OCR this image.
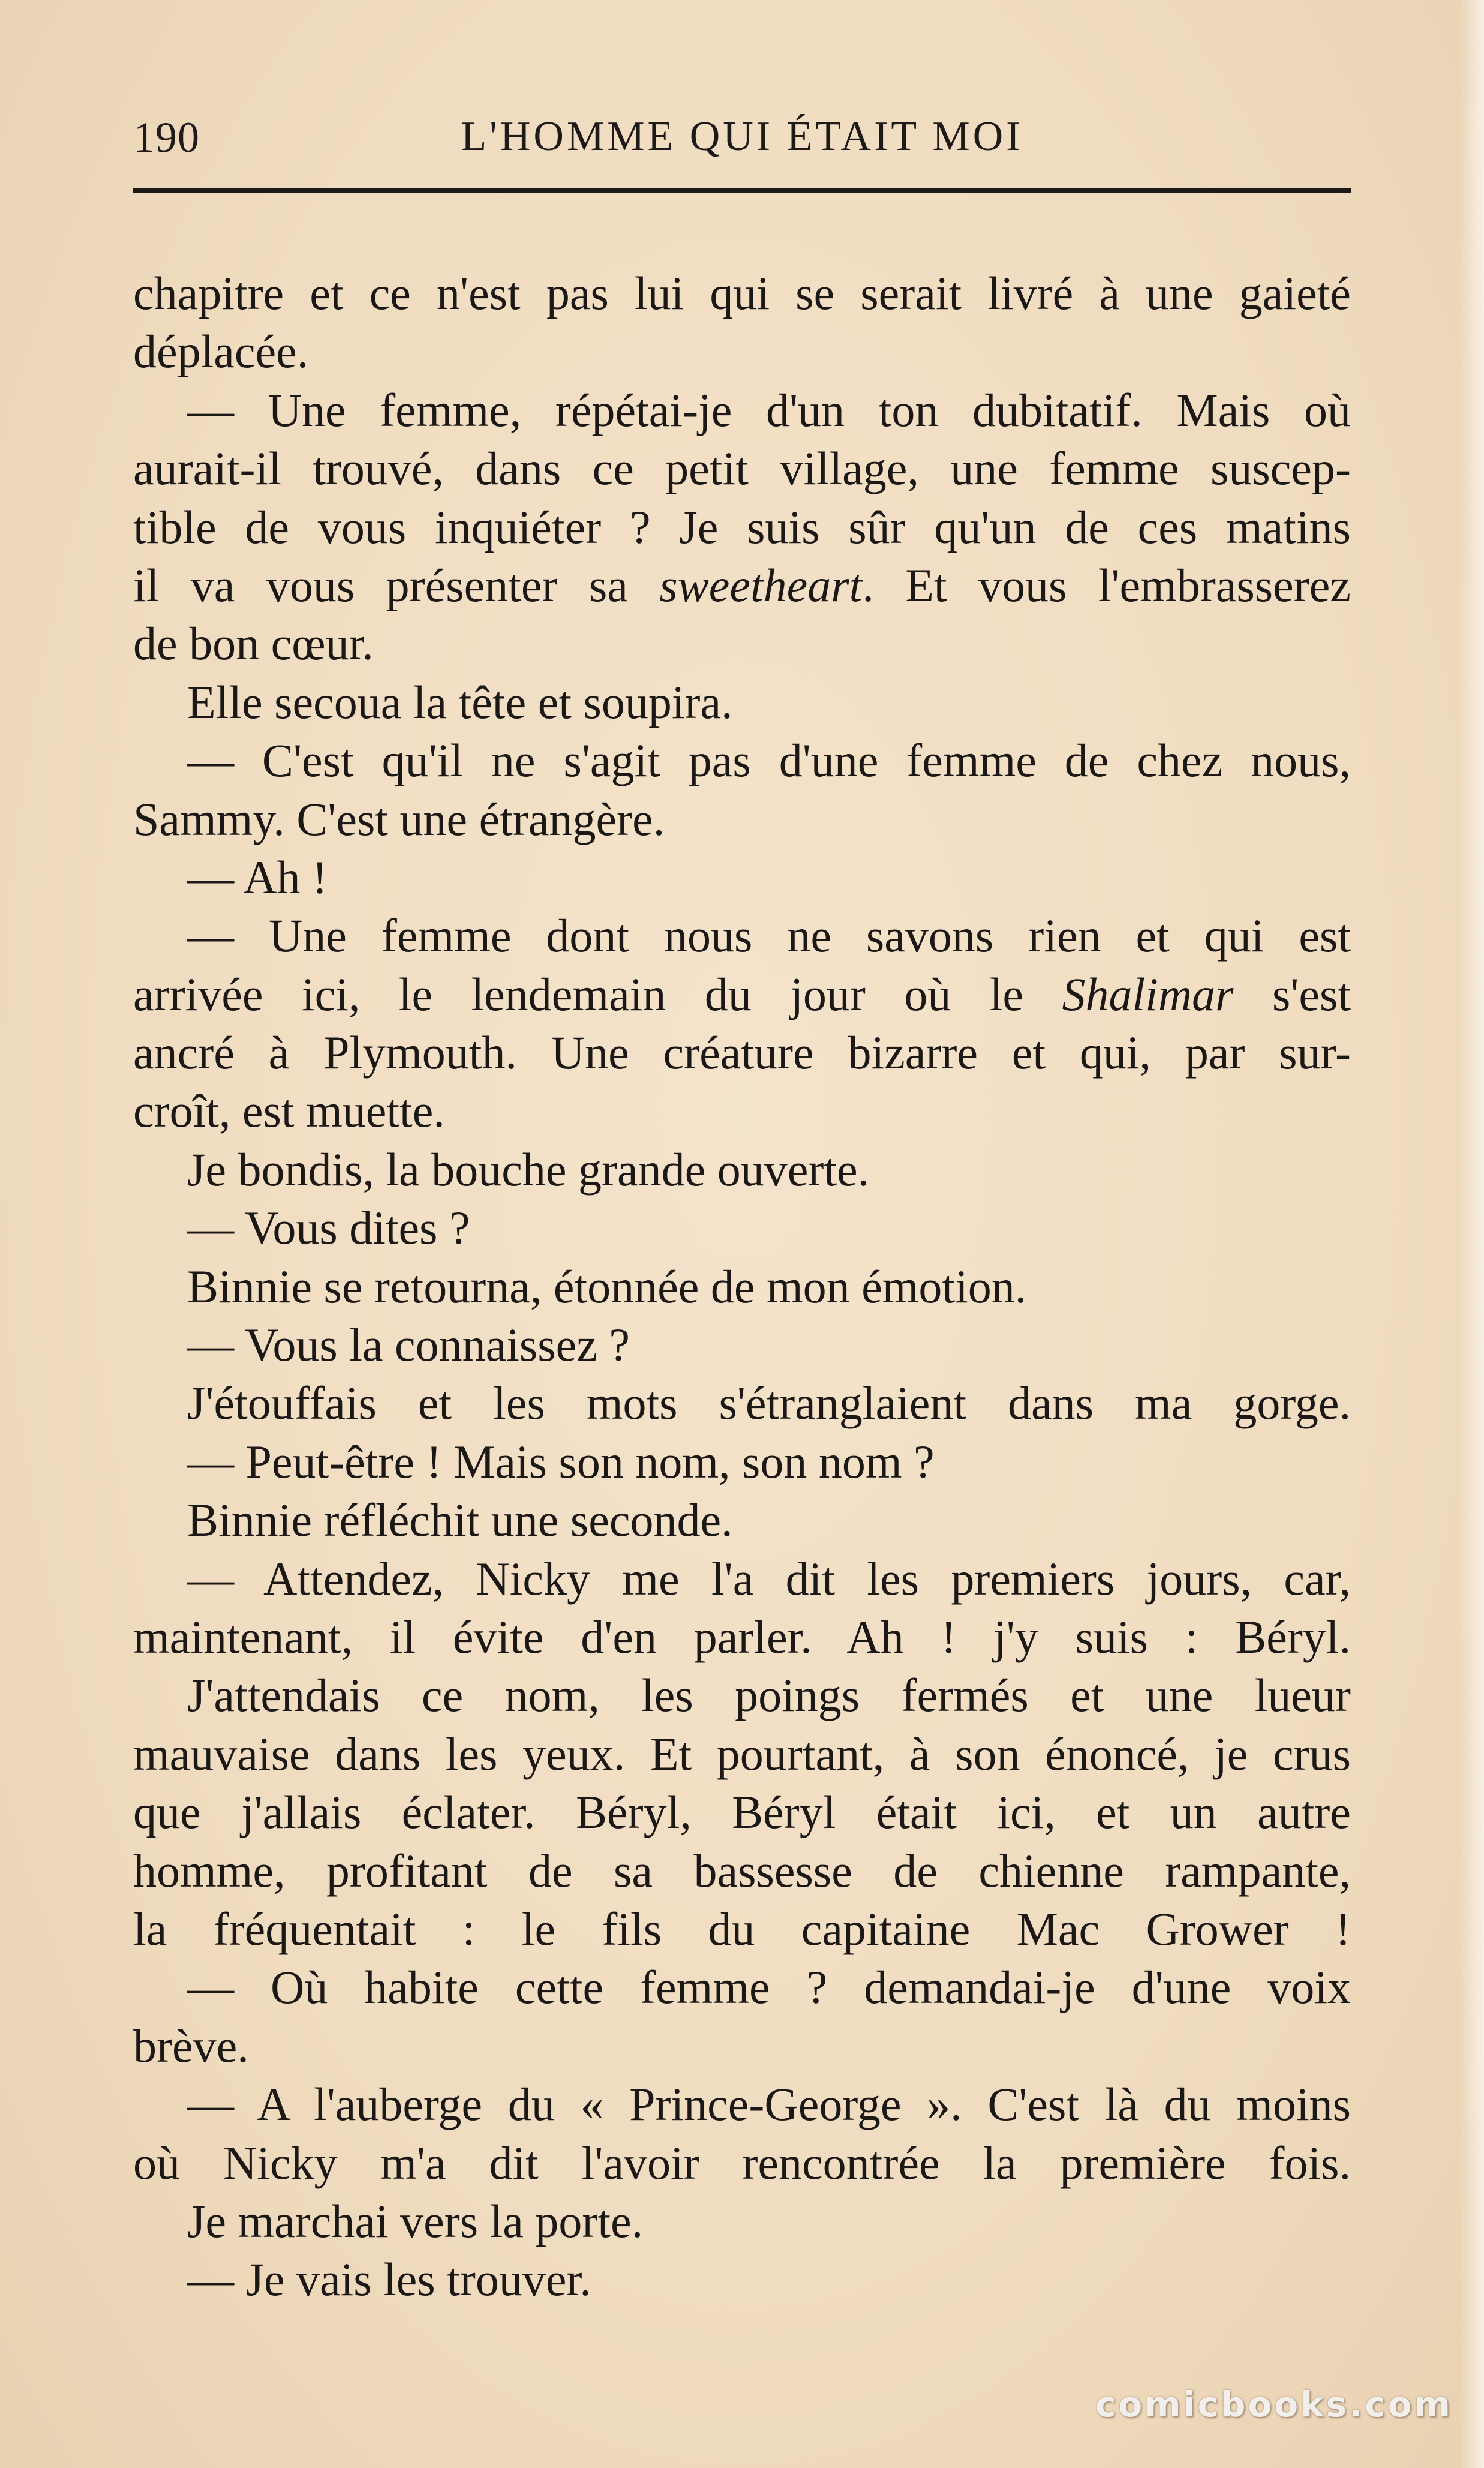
190	L'HOMME QUI ÉTAIT MOI
chapitre et ce n'est pas lui qui se serait livré à une gaieté
déplacée.
— Une femme, répétai-je d'un ton dubitatif. Mais où
aurait-il trouvé, dans ce petit village, une femme suscep-
tible de vous inquiéter ? Je suis sûr qu'un de ces matins
il va vous présenter sa sweetheart. Et vous l'embrasserez
de bon cœur.
Elle secoua la tête et soupira.
— C'est qu'il ne s'agit pas d'une femme de chez nous,
Sammy. C'est une étrangère.
— Ah !
— Une femme dont nous ne savons rien et qui est
arrivée ici, le lendemain du jour où le Shalimar s'est
ancré à Plymouth. Une créature bizarre et qui, par sur-
croît, est muette.
Je bondis, la bouche grande ouverte.
— Vous dites ?
Binnie se retourna, étonnée de mon émotion.
— Vous la connaissez ?
J'étouffais et les mots s'étranglaient dans ma gorge.
— Peut-être ! Mais son nom, son nom ?
Binnie réfléchit une seconde.
— Attendez, Nicky me l'a dit les premiers jours, car,
maintenant, il évite d'en parler. Ah ! j'y suis : Béryl.
J'attendais ce nom, les poings fermés et une lueur
mauvaise dans les yeux. Et pourtant, à son énoncé, je crus
que j'allais éclater. Béryl, Béryl était ici, et un autre
homme, profitant de sa bassesse de chienne rampante,
la fréquentait : le fils du capitaine Mac Grower !
— Où habite cette femme ? demandai-je d'une voix
brève.
— A l'auberge du « Prince-George ». C'est là du moins
où Nicky m'a dit l'avoir rencontrée la première fois.
Je marchai vers la porte.
— Je vais les trouver.
comicbooks.com
